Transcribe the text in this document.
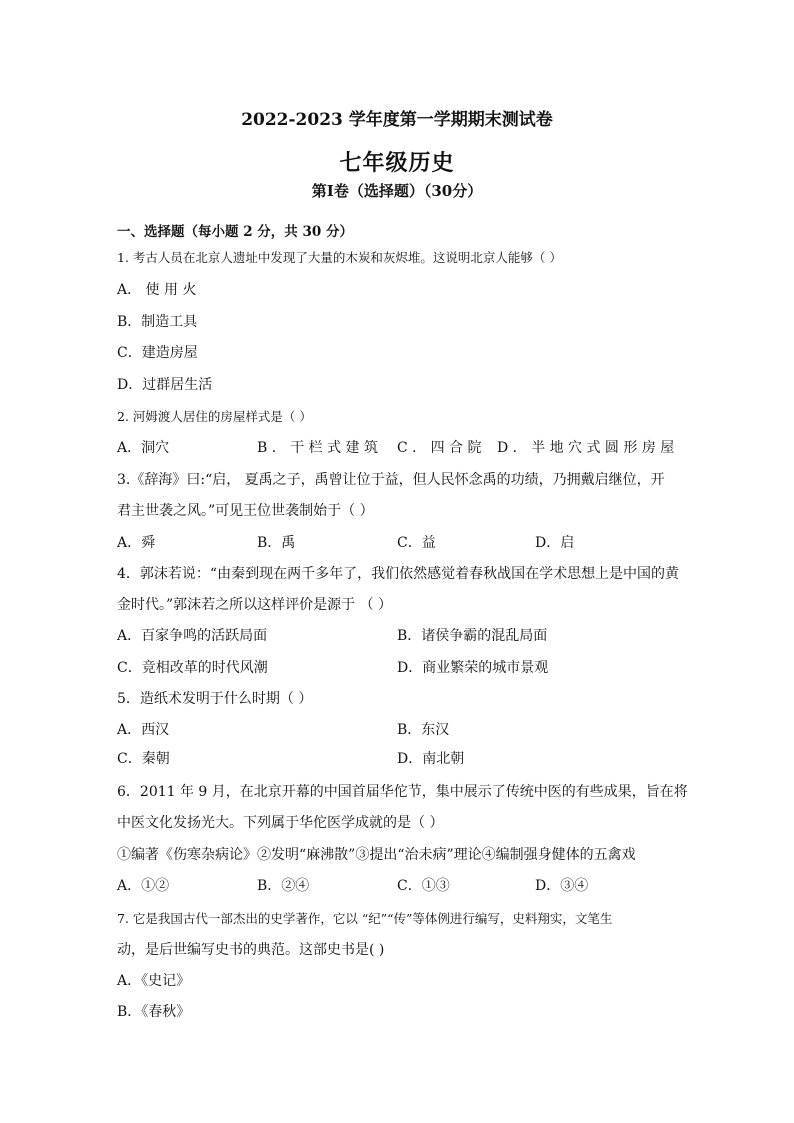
2022-2023 学年度第一学期期末测试卷
七年级历史
第Ⅰ卷（选择题）（30分）
一、选择题（每小题 2 分，共 30 分）
1. 考古人员在北京人遗址中发现了大量的木炭和灰烬堆。这说明北京人能够（ ）
A． 使 用 火
B．制造工具
C．建造房屋
D．过群居生活
2. 河姆渡人居住的房屋样式是（ ）
A．洞穴	B ． 干 栏 式 建 筑 C ． 四 合 院 D ． 半 地 穴 式 圆 形 房 屋
3.《辞海》曰:“启， 夏禹之子，禹曾让位于益，但人民怀念禹的功绩，乃拥戴启继位，开
君主世袭之风。”可见王位世袭制始于（ ）
A．舜	B．禹	C．益	D．启
4．郭沫若说：“由秦到现在两千多年了，我们依然感觉着春秋战国在学术思想上是中国的黄
金时代。”郭沫若之所以这样评价是源于 （ ）
A．百家争鸣的活跃局面	B．诸侯争霸的混乱局面
C．竞相改革的时代风潮	D．商业繁荣的城市景观
5．造纸术发明于什么时期（ ）
A．西汉	B．东汉
C．秦朝	D．南北朝
6．2011 年 9 月，在北京开幕的中国首届华佗节，集中展示了传统中医的有些成果，旨在将
中医文化发扬光大。下列属于华佗医学成就的是（ ）
①编著《伤寒杂病论》②发明“麻沸散”③提出“治未病”理论④编制强身健体的五禽戏
A．①②	B．②④	C．①③	D．③④
7. 它是我国古代一部杰出的史学著作，它以 “纪”“传”等体例进行编写，史料翔实，文笔生
动，是后世编写史书的典范。这部史书是( )
A．《史记》
B．《春秋》
